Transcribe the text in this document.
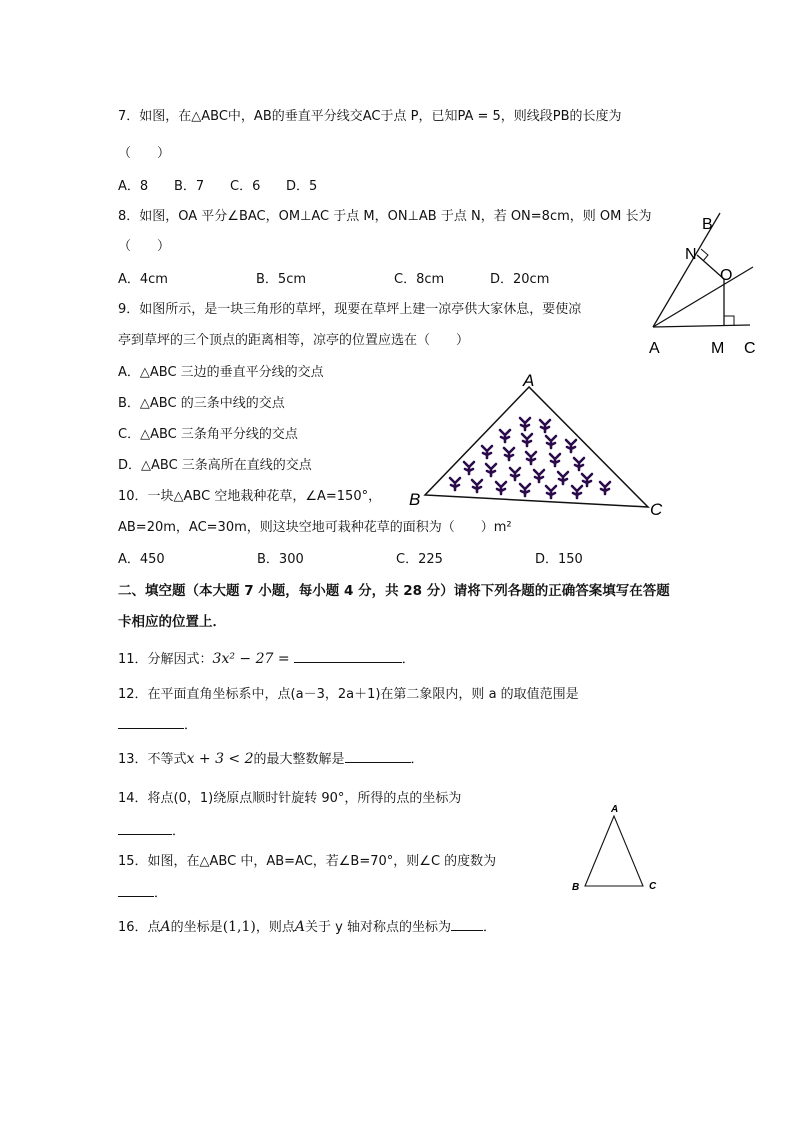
7．如图，在△ABC中，AB的垂直平分线交AC于点 P，已知PA = 5，则线段PB的长度为
（　　）
A．8 B．7 C．6 D．5
8．如图，OA 平分∠BAC，OM⊥AC 于点 M，ON⊥AB 于点 N，若 ON=8cm，则 OM 长为
（　　）
A．4cm	B．5cm	C．8cm	D．20cm
B
N
O
A	M C
9．如图所示，是一块三角形的草坪，现要在草坪上建一凉亭供大家休息，要使凉
亭到草坪的三个顶点的距离相等，凉亭的位置应选在（　　）
A．△ABC 三边的垂直平分线的交点
B．△ABC 的三条中线的交点
C．△ABC 三条角平分线的交点
D．△ABC 三条高所在直线的交点
A
B
C
10．一块△ABC 空地栽种花草，∠A=150°，
AB=20m，AC=30m，则这块空地可栽种花草的面积为（　　）m²
A．450	B．300	C．225	D．150
二、填空题（本大题 7 小题，每小题 4 分，共 28 分）请将下列各题的正确答案填写在答题
卡相应的位置上．
11．分解因式：3x² − 27 =	．
12．在平面直角坐标系中，点(a－3，2a＋1)在第二象限内，则 a 的取值范围是
．
13．不等式x + 3 < 2的最大整数解是	．
14．将点(0，1)绕原点顺时针旋转 90°，所得的点的坐标为
．
15．如图，在△ABC 中，AB=AC，若∠B=70°，则∠C 的度数为
．
A
B	C
16．点A的坐标是(1,1)，则点A关于 y 轴对称点的坐标为 ．
